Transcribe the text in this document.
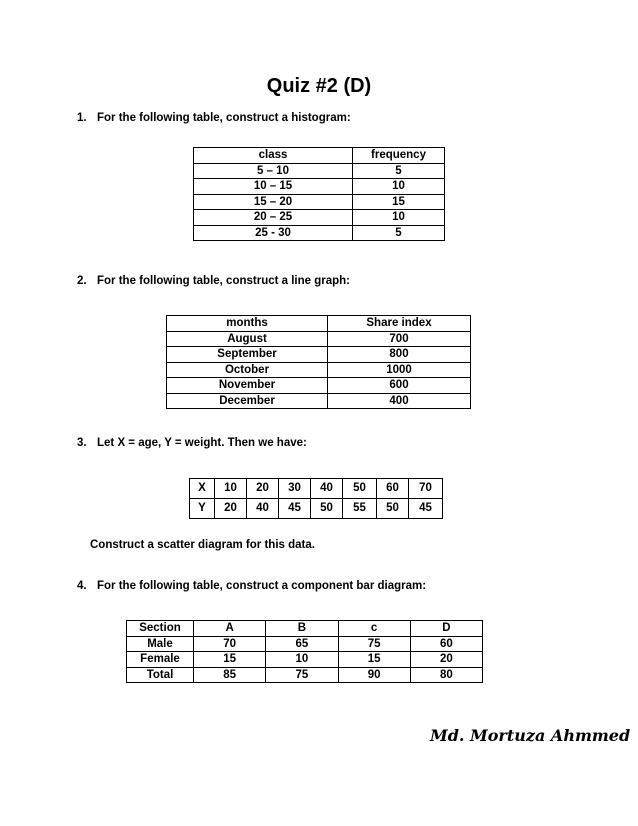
Quiz #2 (D)
1. For the following table, construct a histogram:
class	frequency
5 – 10	5
10 – 15	10
15 – 20	15
20 – 25	10
25 - 30	5
2. For the following table, construct a line graph:
months	Share index
August	700
September	800
October	1000
November	600
December	400
3. Let X = age, Y = weight. Then we have:
X	10	20	30	40	50	60	70
Y	20	40	45	50	55	50	45
Construct a scatter diagram for this data.
4. For the following table, construct a component bar diagram:
Section	A	B	c	D
Male	70	65	75	60
Female	15	10	15	20
Total	85	75	90	80
Md. Mortuza Ahmmed
